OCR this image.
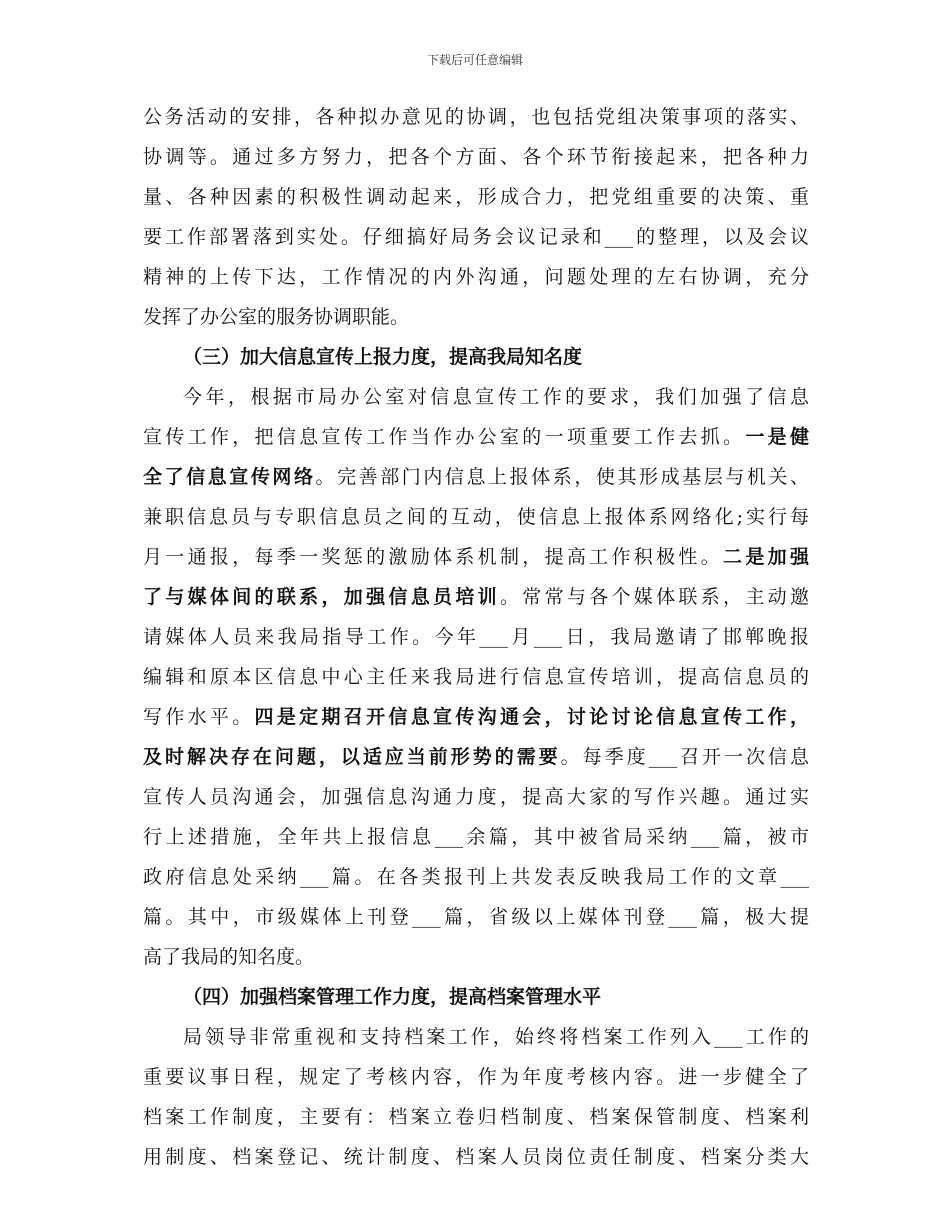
下载后可任意编辑
公务活动的安排，各种拟办意见的协调，也包括党组决策事项的落实、
协调等。通过多方努力，把各个方面、各个环节衔接起来，把各种力
量、各种因素的积极性调动起来，形成合力，把党组重要的决策、重
要工作部署落到实处。仔细搞好局务会议记录和___的整理，以及会议
精神的上传下达，工作情况的内外沟通，问题处理的左右协调，充分
发挥了办公室的服务协调职能。
（三）加大信息宣传上报力度，提高我局知名度
今年，根据市局办公室对信息宣传工作的要求，我们加强了信息
宣传工作，把信息宣传工作当作办公室的一项重要工作去抓。一是健
全了信息宣传网络。完善部门内信息上报体系，使其形成基层与机关、
兼职信息员与专职信息员之间的互动，使信息上报体系网络化;实行每
月一通报，每季一奖惩的激励体系机制，提高工作积极性。二是加强
了与媒体间的联系，加强信息员培训。常常与各个媒体联系，主动邀
请媒体人员来我局指导工作。今年___月___日，我局邀请了邯郸晚报
编辑和原本区信息中心主任来我局进行信息宣传培训，提高信息员的
写作水平。四是定期召开信息宣传沟通会，讨论讨论信息宣传工作，
及时解决存在问题，以适应当前形势的需要。每季度___召开一次信息
宣传人员沟通会，加强信息沟通力度，提高大家的写作兴趣。通过实
行上述措施，全年共上报信息___余篇，其中被省局采纳___篇，被市
政府信息处采纳___篇。在各类报刊上共发表反映我局工作的文章___
篇。其中，市级媒体上刊登___篇，省级以上媒体刊登___篇，极大提
高了我局的知名度。
（四）加强档案管理工作力度，提高档案管理水平
局领导非常重视和支持档案工作，始终将档案工作列入___工作的
重要议事日程，规定了考核内容，作为年度考核内容。进一步健全了
档案工作制度，主要有：档案立卷归档制度、档案保管制度、档案利
用制度、档案登记、统计制度、档案人员岗位责任制度、档案分类大
